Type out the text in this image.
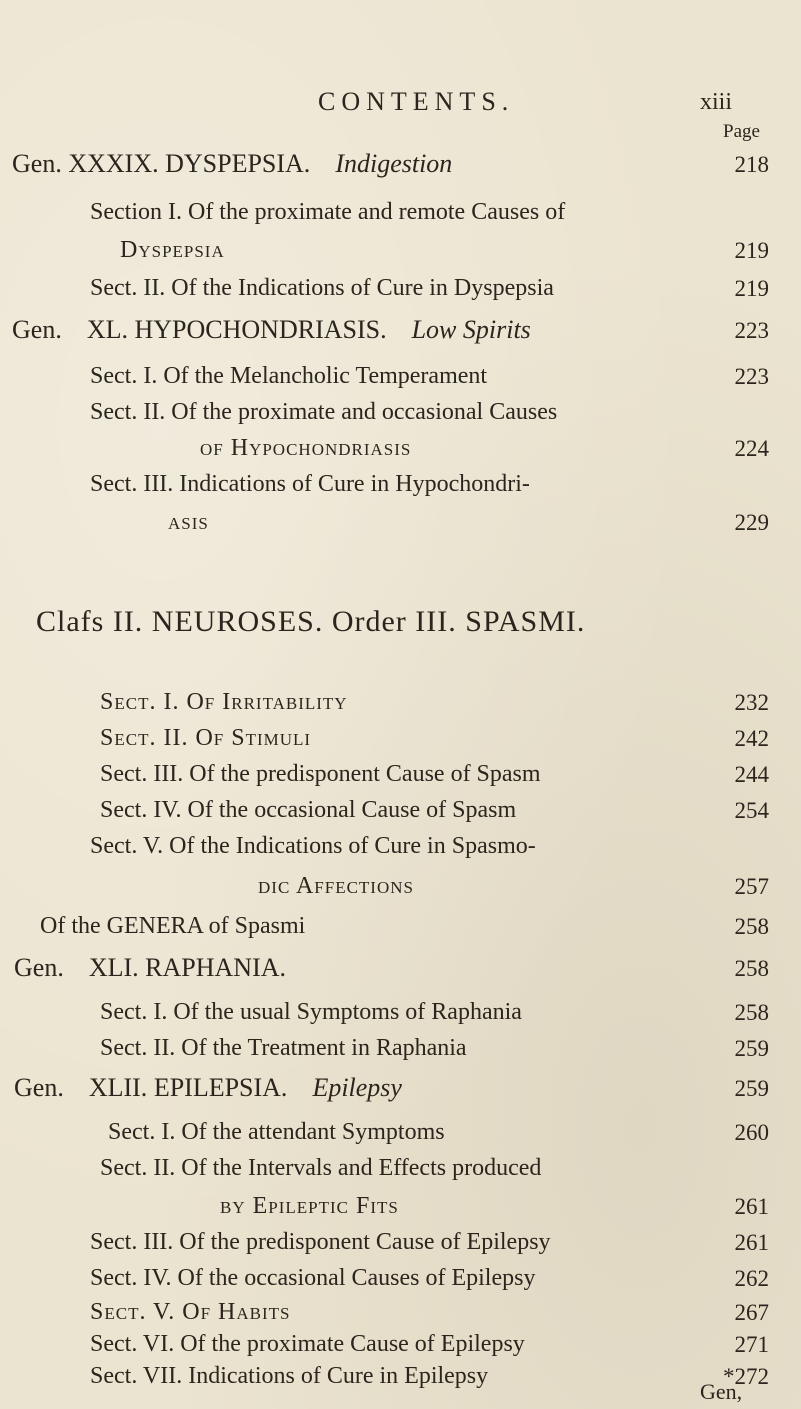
CONTENTS.	xiii
Page
Gen. XXXIX. DYSPEPSIA. Indigestion	218
Section I. Of the proximate and remote Causes of
Dyspepsia	219
Sect. II. Of the Indications of Cure in Dyspepsia	219
Gen. XL. HYPOCHONDRIASIS. Low Spirits	223
Sect. I. Of the Melancholic Temperament	223
Sect. II. Of the proximate and occasional Causes
of Hypochondriasis	224
Sect. III. Indications of Cure in Hypochondri-
asis	229
Clafs II. NEUROSES. Order III. SPASMI.
Sect. I. Of Irritability	232
Sect. II. Of Stimuli	242
Sect. III. Of the predisponent Cause of Spasm	244
Sect. IV. Of the occasional Cause of Spasm	254
Sect. V. Of the Indications of Cure in Spasmo-
dic Affections	257
Of the GENERA of Spasmi	258
Gen. XLI. RAPHANIA.	258
Sect. I. Of the usual Symptoms of Raphania	258
Sect. II. Of the Treatment in Raphania	259
Gen. XLII. EPILEPSIA. Epilepsy	259
Sect. I. Of the attendant Symptoms	260
Sect. II. Of the Intervals and Effects produced
by Epileptic Fits	261
Sect. III. Of the predisponent Cause of Epilepsy	261
Sect. IV. Of the occasional Causes of Epilepsy	262
Sect. V. Of Habits	267
Sect. VI. Of the proximate Cause of Epilepsy	271
Sect. VII. Indications of Cure in Epilepsy	*272
Gen,
